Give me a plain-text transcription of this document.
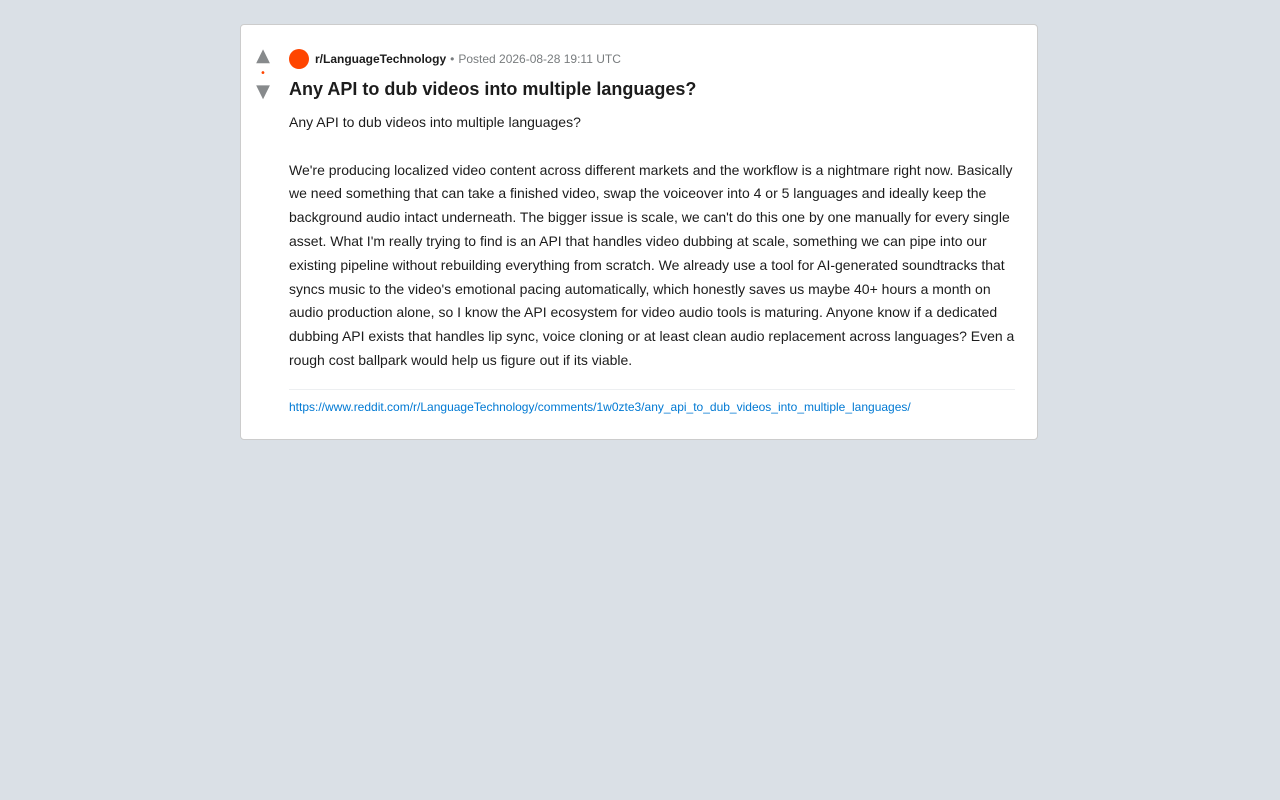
▲
•
▼
r/LanguageTechnology • Posted 2026-08-28 19:11 UTC
Any API to dub videos into multiple languages?

Any API to dub videos into multiple languages?

We're producing localized video content across different markets and the workflow is a nightmare right now. Basically we need something that can take a finished video, swap the voiceover into 4 or 5 languages and ideally keep the background audio intact underneath. The bigger issue is scale, we can't do this one by one manually for every single asset. What I'm really trying to find is an API that handles video dubbing at scale, something we can pipe into our existing pipeline without rebuilding everything from scratch. We already use a tool for AI-generated soundtracks that syncs music to the video's emotional pacing automatically, which honestly saves us maybe 40+ hours a month on audio production alone, so I know the API ecosystem for video audio tools is maturing. Anyone know if a dedicated dubbing API exists that handles lip sync, voice cloning or at least clean audio replacement across languages? Even a rough cost ballpark would help us figure out if its viable.

https://www.reddit.com/r/LanguageTechnology/comments/1w0zte3/any_api_to_dub_videos_into_multiple_languages/
